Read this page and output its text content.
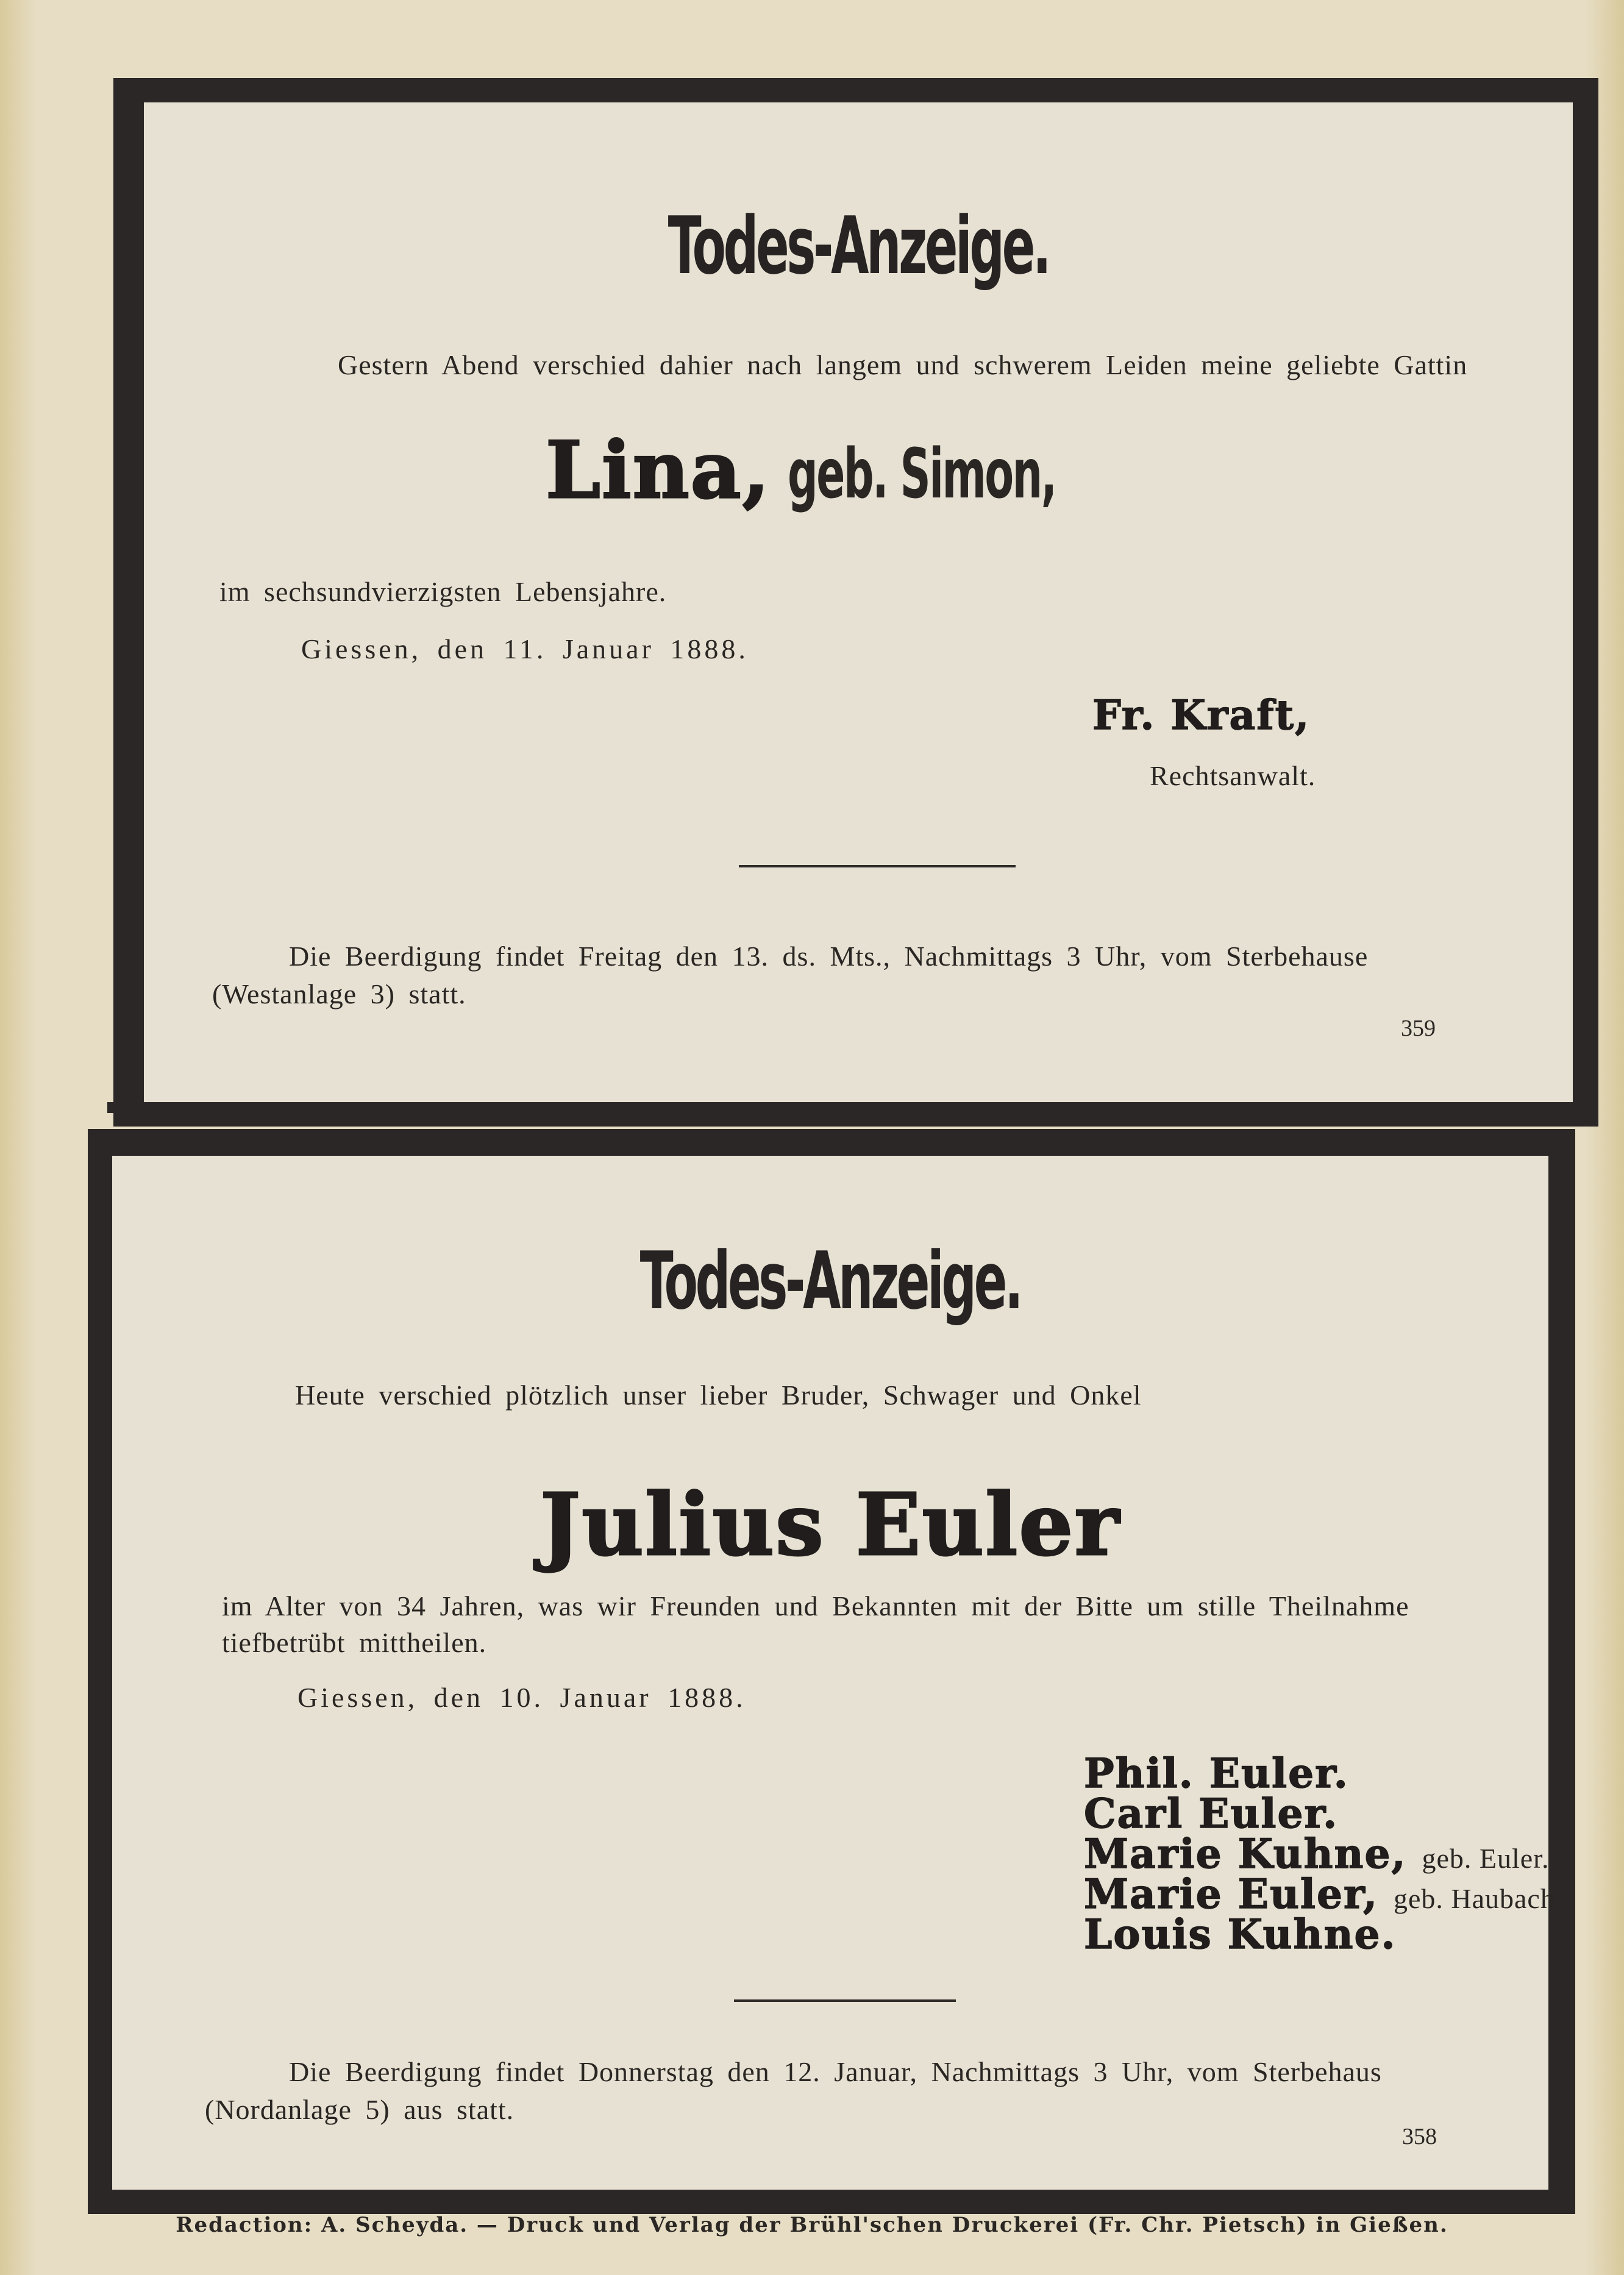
Todes-Anzeige.
Gestern Abend verschied dahier nach langem und schwerem Leiden meine geliebte Gattin
Lina, geb. Simon,
im sechsundvierzigsten Lebensjahre.
Giessen, den 11. Januar 1888.
Fr. Kraft,
Rechtsanwalt.
Die Beerdigung findet Freitag den 13. ds. Mts., Nachmittags 3 Uhr, vom Sterbehause
(Westanlage 3) statt.
359
Todes-Anzeige.
Heute verschied plötzlich unser lieber Bruder, Schwager und Onkel
Julius Euler
im Alter von 34 Jahren, was wir Freunden und Bekannten mit der Bitte um stille Theilnahme
tiefbetrübt mittheilen.
Giessen, den 10. Januar 1888.
Phil. Euler.
Carl Euler.
Marie Kuhne, geb. Euler.
Marie Euler, geb. Haubach.
Louis Kuhne.
Die Beerdigung findet Donnerstag den 12. Januar, Nachmittags 3 Uhr, vom Sterbehaus
(Nordanlage 5) aus statt.
358
Redaction: A. Scheyda. — Druck und Verlag der Brühl'schen Druckerei (Fr. Chr. Pietsch) in Gießen.
